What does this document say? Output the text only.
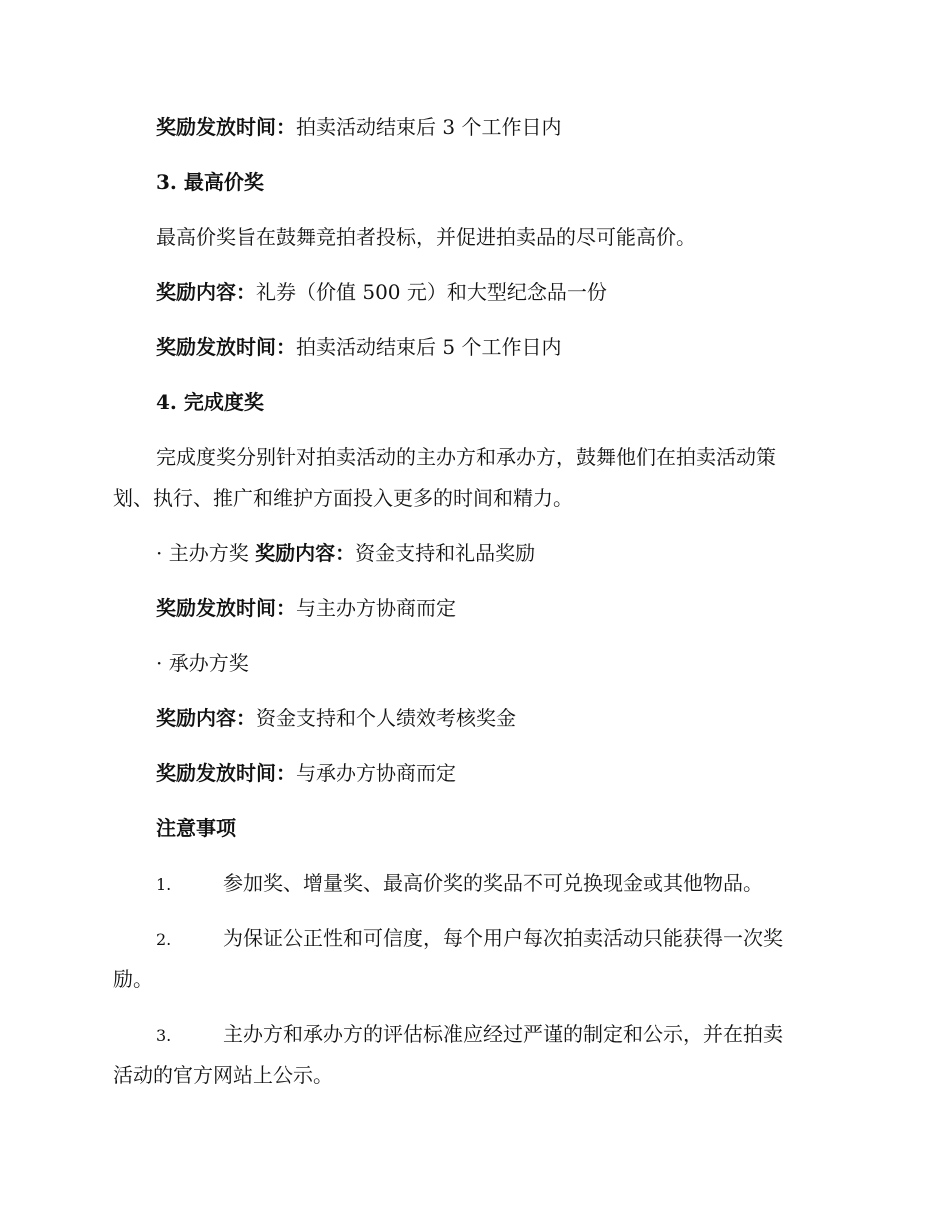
奖励发放时间：拍卖活动结束后 3 个工作日内
3. 最高价奖
最高价奖旨在鼓舞竞拍者投标，并促进拍卖品的尽可能高价。
奖励内容：礼券（价值 500 元）和大型纪念品一份
奖励发放时间：拍卖活动结束后 5 个工作日内
4. 完成度奖
完成度奖分别针对拍卖活动的主办方和承办方，鼓舞他们在拍卖活动策
划、执行、推广和维护方面投入更多的时间和精力。
· 主办方奖 奖励内容：资金支持和礼品奖励
奖励发放时间：与主办方协商而定
· 承办方奖
奖励内容：资金支持和个人绩效考核奖金
奖励发放时间：与承办方协商而定
注意事项
1.	参加奖、增量奖、最高价奖的奖品不可兑换现金或其他物品。
2.	为保证公正性和可信度，每个用户每次拍卖活动只能获得一次奖
励。
3.	主办方和承办方的评估标准应经过严谨的制定和公示，并在拍卖
活动的官方网站上公示。
